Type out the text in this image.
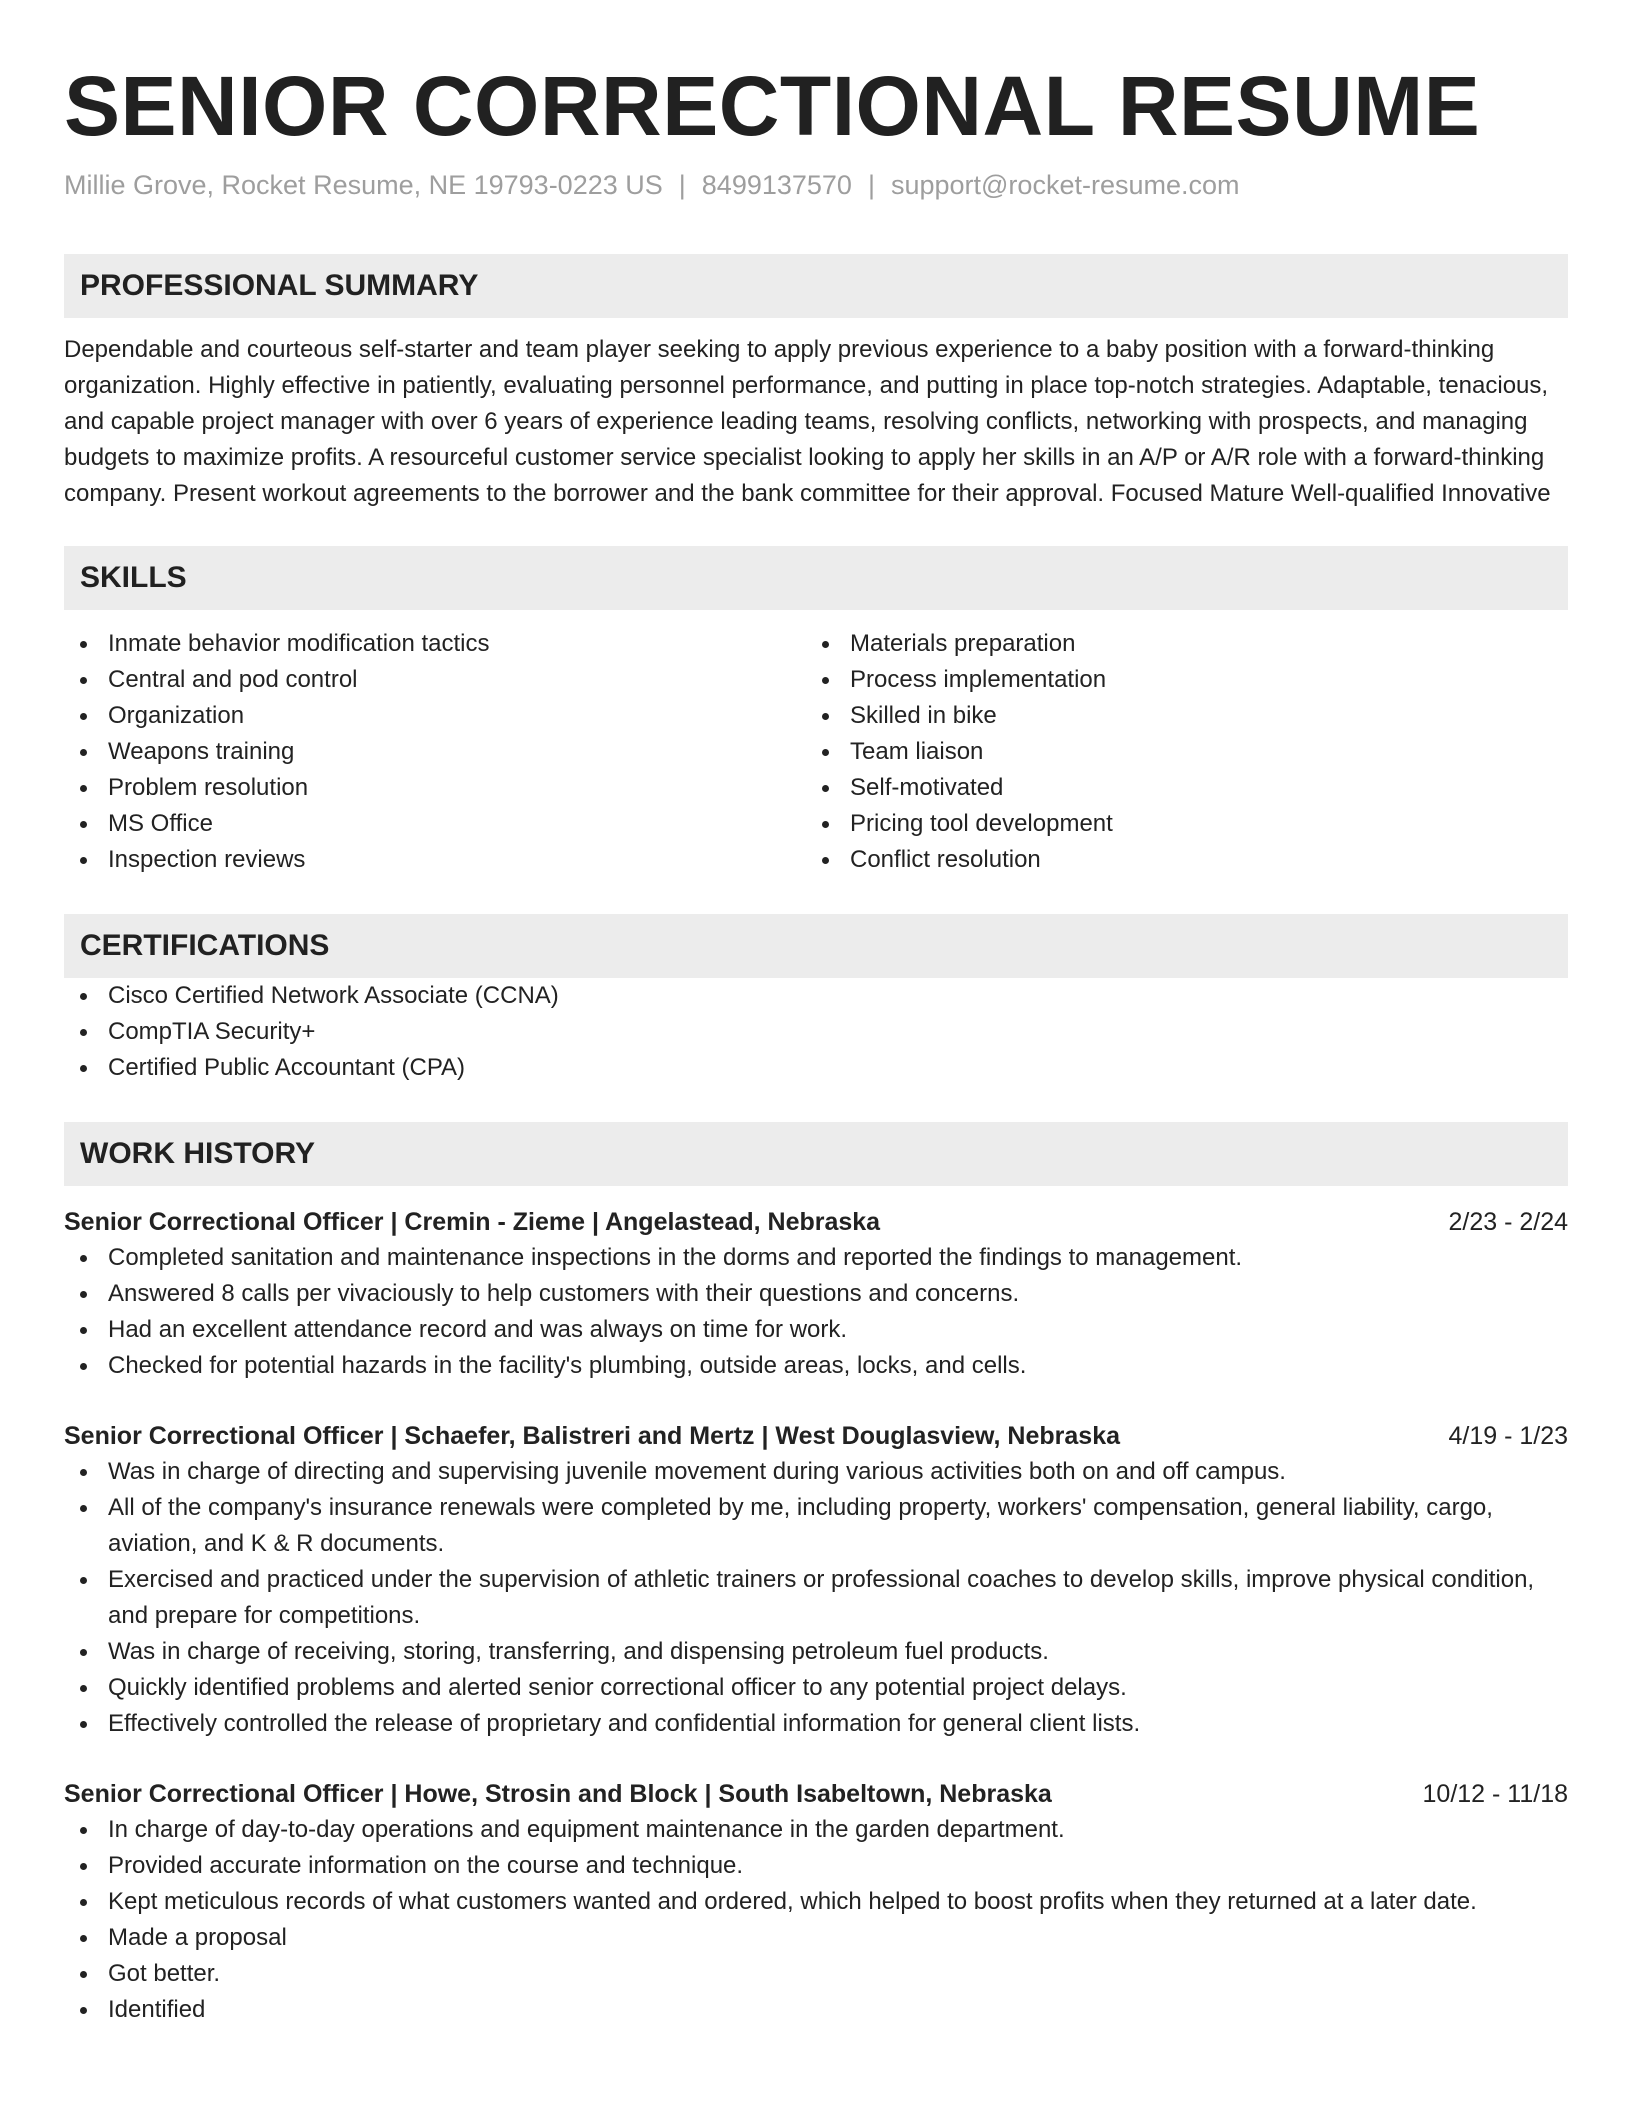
SENIOR CORRECTIONAL RESUME
Millie Grove, Rocket Resume, NE 19793-0223 US | 8499137570 | support@rocket-resume.com
PROFESSIONAL SUMMARY
Dependable and courteous self-starter and team player seeking to apply previous experience to a baby position with a forward-thinking organization. Highly effective in patiently, evaluating personnel performance, and putting in place top-notch strategies. Adaptable, tenacious, and capable project manager with over 6 years of experience leading teams, resolving conflicts, networking with prospects, and managing budgets to maximize profits. A resourceful customer service specialist looking to apply her skills in an A/P or A/R role with a forward-thinking company. Present workout agreements to the borrower and the bank committee for their approval. Focused Mature Well-qualified Innovative
SKILLS
Inmate behavior modification tactics
Central and pod control
Organization
Weapons training
Problem resolution
MS Office
Inspection reviews
Materials preparation
Process implementation
Skilled in bike
Team liaison
Self-motivated
Pricing tool development
Conflict resolution
CERTIFICATIONS
Cisco Certified Network Associate (CCNA)
CompTIA Security+
Certified Public Accountant (CPA)
WORK HISTORY
Senior Correctional Officer | Cremin - Zieme | Angelastead, Nebraska	2/23 - 2/24
Completed sanitation and maintenance inspections in the dorms and reported the findings to management.
Answered 8 calls per vivaciously to help customers with their questions and concerns.
Had an excellent attendance record and was always on time for work.
Checked for potential hazards in the facility's plumbing, outside areas, locks, and cells.
Senior Correctional Officer | Schaefer, Balistreri and Mertz | West Douglasview, Nebraska	4/19 - 1/23
Was in charge of directing and supervising juvenile movement during various activities both on and off campus.
All of the company's insurance renewals were completed by me, including property, workers' compensation, general liability, cargo, aviation, and K & R documents.
Exercised and practiced under the supervision of athletic trainers or professional coaches to develop skills, improve physical condition, and prepare for competitions.
Was in charge of receiving, storing, transferring, and dispensing petroleum fuel products.
Quickly identified problems and alerted senior correctional officer to any potential project delays.
Effectively controlled the release of proprietary and confidential information for general client lists.
Senior Correctional Officer | Howe, Strosin and Block | South Isabeltown, Nebraska	10/12 - 11/18
In charge of day-to-day operations and equipment maintenance in the garden department.
Provided accurate information on the course and technique.
Kept meticulous records of what customers wanted and ordered, which helped to boost profits when they returned at a later date.
Made a proposal
Got better.
Identified
